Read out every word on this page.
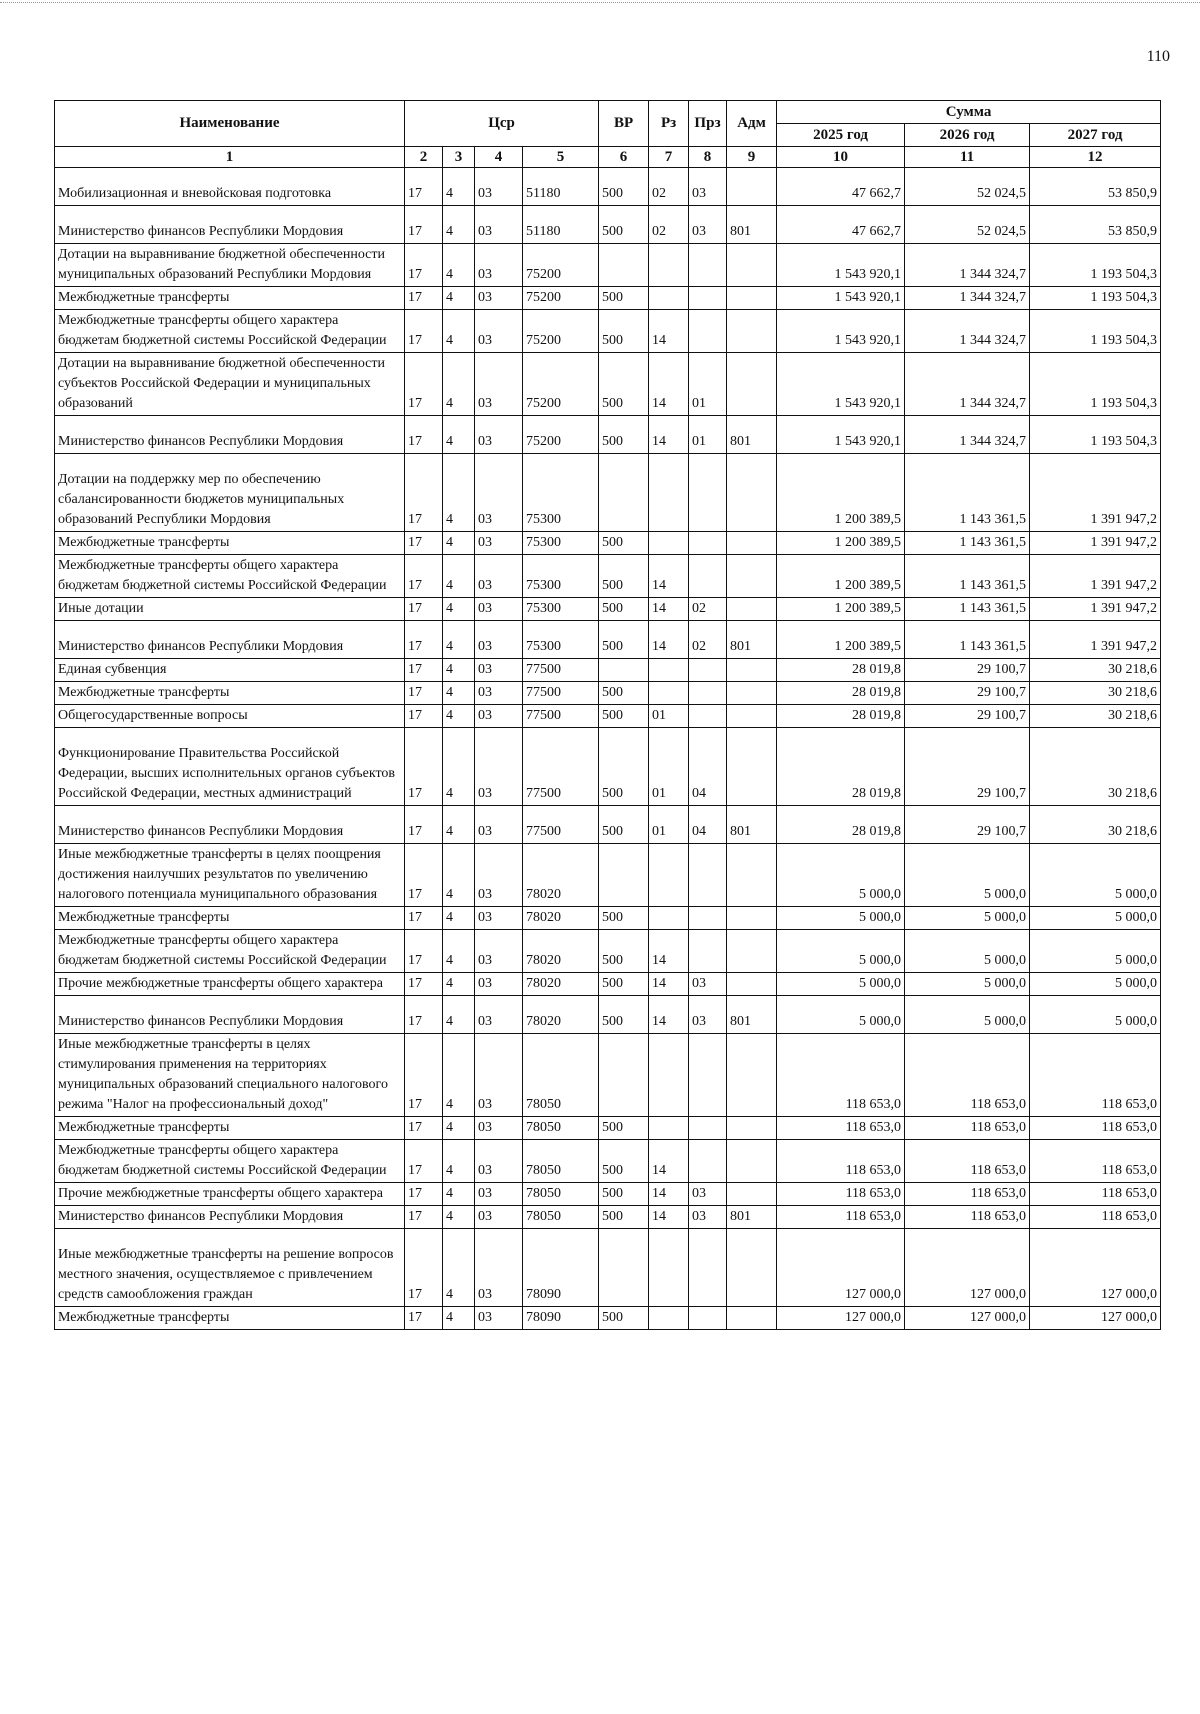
110
Наименование	Цср				ВР	Рз	Прз	Адм	Сумма		
									2025 год	2026 год	2027 год
1	2	3	4	5	6	7	8	9	10	11	12
Мобилизационная и вневойсковая подготовка	17	4	03	51180	500	02	03		47 662,7	52 024,5	53 850,9
Министерство финансов Республики Мордовия	17	4	03	51180	500	02	03	801	47 662,7	52 024,5	53 850,9
Дотации на выравнивание бюджетной обеспеченности муниципальных образований Республики Мордовия	17	4	03	75200					1 543 920,1	1 344 324,7	1 193 504,3
Межбюджетные трансферты	17	4	03	75200	500				1 543 920,1	1 344 324,7	1 193 504,3
Межбюджетные трансферты общего характера бюджетам бюджетной системы Российской Федерации	17	4	03	75200	500	14			1 543 920,1	1 344 324,7	1 193 504,3
Дотации на выравнивание бюджетной обеспеченности субъектов Российской Федерации и муниципальных образований	17	4	03	75200	500	14	01		1 543 920,1	1 344 324,7	1 193 504,3
Министерство финансов Республики Мордовия	17	4	03	75200	500	14	01	801	1 543 920,1	1 344 324,7	1 193 504,3
Дотации на поддержку мер по обеспечению сбалансированности бюджетов муниципальных образований Республики Мордовия	17	4	03	75300					1 200 389,5	1 143 361,5	1 391 947,2
Межбюджетные трансферты	17	4	03	75300	500				1 200 389,5	1 143 361,5	1 391 947,2
Межбюджетные трансферты общего характера бюджетам бюджетной системы Российской Федерации	17	4	03	75300	500	14			1 200 389,5	1 143 361,5	1 391 947,2
Иные дотации	17	4	03	75300	500	14	02		1 200 389,5	1 143 361,5	1 391 947,2
Министерство финансов Республики Мордовия	17	4	03	75300	500	14	02	801	1 200 389,5	1 143 361,5	1 391 947,2
Единая субвенция	17	4	03	77500					28 019,8	29 100,7	30 218,6
Межбюджетные трансферты	17	4	03	77500	500				28 019,8	29 100,7	30 218,6
Общегосударственные вопросы	17	4	03	77500	500	01			28 019,8	29 100,7	30 218,6
Функционирование Правительства Российской Федерации, высших исполнительных органов субъектов Российской Федерации, местных администраций	17	4	03	77500	500	01	04		28 019,8	29 100,7	30 218,6
Министерство финансов Республики Мордовия	17	4	03	77500	500	01	04	801	28 019,8	29 100,7	30 218,6
Иные межбюджетные трансферты в целях поощрения достижения наилучших результатов по увеличению налогового потенциала муниципального образования	17	4	03	78020					5 000,0	5 000,0	5 000,0
Межбюджетные трансферты	17	4	03	78020	500				5 000,0	5 000,0	5 000,0
Межбюджетные трансферты общего характера бюджетам бюджетной системы Российской Федерации	17	4	03	78020	500	14			5 000,0	5 000,0	5 000,0
Прочие межбюджетные трансферты общего характера	17	4	03	78020	500	14	03		5 000,0	5 000,0	5 000,0
Министерство финансов Республики Мордовия	17	4	03	78020	500	14	03	801	5 000,0	5 000,0	5 000,0
Иные межбюджетные трансферты в целях стимулирования применения на территориях муниципальных образований специального налогового режима "Налог на профессиональный доход"	17	4	03	78050					118 653,0	118 653,0	118 653,0
Межбюджетные трансферты	17	4	03	78050	500				118 653,0	118 653,0	118 653,0
Межбюджетные трансферты общего характера бюджетам бюджетной системы Российской Федерации	17	4	03	78050	500	14			118 653,0	118 653,0	118 653,0
Прочие межбюджетные трансферты общего характера	17	4	03	78050	500	14	03		118 653,0	118 653,0	118 653,0
Министерство финансов Республики Мордовия	17	4	03	78050	500	14	03	801	118 653,0	118 653,0	118 653,0
Иные межбюджетные трансферты на решение вопросов местного значения, осуществляемое с привлечением средств самообложения граждан	17	4	03	78090					127 000,0	127 000,0	127 000,0
Межбюджетные трансферты	17	4	03	78090	500				127 000,0	127 000,0	127 000,0
